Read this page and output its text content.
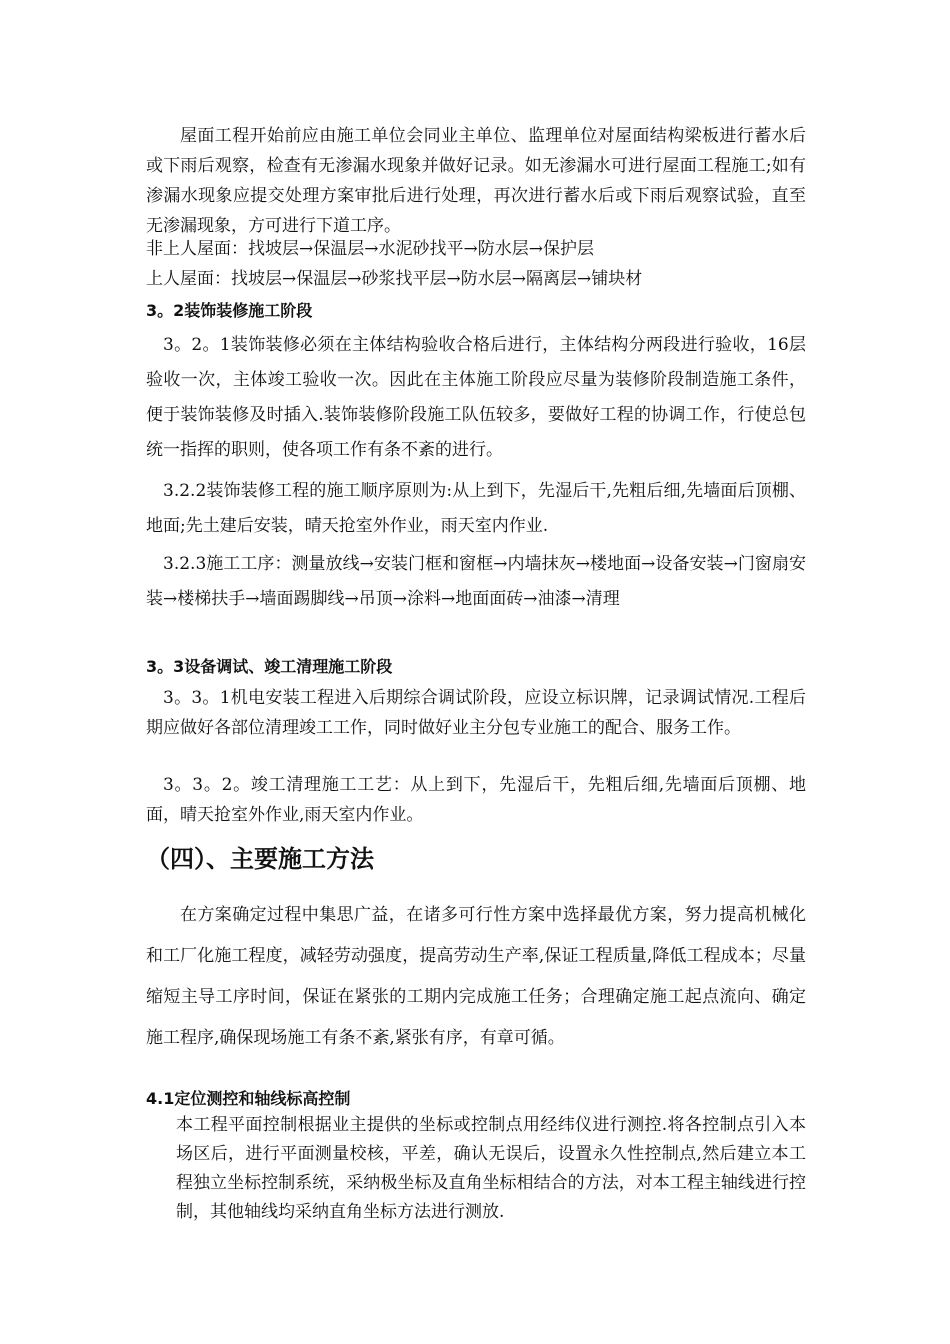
屋面工程开始前应由施工单位会同业主单位、监理单位对屋面结构梁板进行蓄水后或下雨后观察，检查有无渗漏水现象并做好记录。如无渗漏水可进行屋面工程施工;如有渗漏水现象应提交处理方案审批后进行处理，再次进行蓄水后或下雨后观察试验，直至无渗漏现象，方可进行下道工序。

非上人屋面：找坡层→保温层→水泥砂找平→防水层→保护层
上人屋面：找坡层→保温层→砂浆找平层→防水层→隔离层→铺块材
3。2装饰装修施工阶段

3。2。1装饰装修必须在主体结构验收合格后进行，主体结构分两段进行验收，16层验收一次，主体竣工验收一次。因此在主体施工阶段应尽量为装修阶段制造施工条件，便于装饰装修及时插入.装饰装修阶段施工队伍较多，要做好工程的协调工作，行使总包统一指挥的职则，使各项工作有条不紊的进行。

3.2.2装饰装修工程的施工顺序原则为:从上到下，先湿后干,先粗后细,先墙面后顶棚、地面;先土建后安装，晴天抢室外作业，雨天室内作业.

3.2.3施工工序：测量放线→安装门框和窗框→内墙抹灰→楼地面→设备安装→门窗扇安装→楼梯扶手→墙面踢脚线→吊顶→涂料→地面面砖→油漆→清理

3。3设备调试、竣工清理施工阶段

3。3。1机电安装工程进入后期综合调试阶段，应设立标识牌，记录调试情况.工程后期应做好各部位清理竣工工作，同时做好业主分包专业施工的配合、服务工作。

3。3。2。竣工清理施工工艺：从上到下，先湿后干，先粗后细,先墙面后顶棚、地面，晴天抢室外作业,雨天室内作业。

（四）、主要施工方法

在方案确定过程中集思广益，在诸多可行性方案中选择最优方案，努力提高机械化和工厂化施工程度，减轻劳动强度，提高劳动生产率,保证工程质量,降低工程成本；尽量缩短主导工序时间，保证在紧张的工期内完成施工任务；合理确定施工起点流向、确定施工程序,确保现场施工有条不紊,紧张有序，有章可循。

4.1定位测控和轴线标高控制

本工程平面控制根据业主提供的坐标或控制点用经纬仪进行测控.将各控制点引入本场区后，进行平面测量校核，平差，确认无误后，设置永久性控制点,然后建立本工程独立坐标控制系统，采纳极坐标及直角坐标相结合的方法，对本工程主轴线进行控制，其他轴线均采纳直角坐标方法进行测放.
